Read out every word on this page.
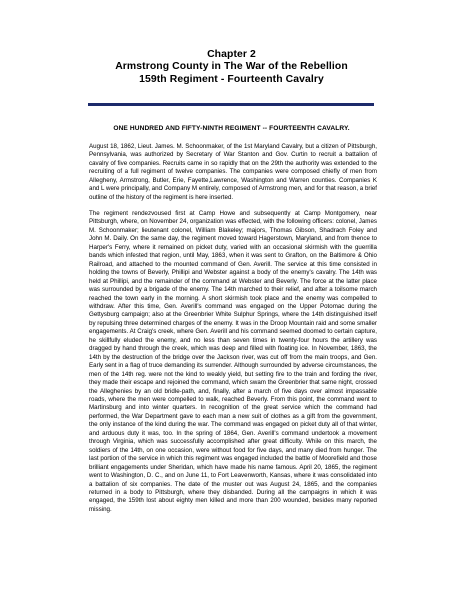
Chapter 2
Armstrong County in The War of the Rebellion
159th Regiment - Fourteenth Cavalry
ONE HUNDRED AND FIFTY-NINTH REGIMENT -- FOURTEENTH CAVALRY.

August 18, 1862, Lieut. James. M. Schoonmaker, of the 1st Maryland Cavalry, but a citizen of Pittsburgh, Pennsylvania, was authorized by Secretary of War Stanton and Gov. Curtin to recruit a battalion of cavalry of five companies. Recruits came in so rapidly that on the 29th the authority was extended to the recruiting of a full regiment of twelve companies. The companies were composed chiefly of men from Allegheny, Armstrong, Butler, Erie, Fayette,Lawrence, Washington and Warren counties. Companies K and L were principally, and Company M entirely, composed of Armstrong men, and for that reason, a brief outline of the history of the regiment is here inserted.

The regiment rendezvoused first at Camp Howe and subsequently at Camp Montgomery, near Pittsburgh, where, on November 24, organization was effected, with the following officers: colonel, James M. Schoonmaker; lieutenant colonel, William Blakeley; majors, Thomas Gibson, Shadrach Foley and John M. Daily. On the same day, the regiment moved toward Hagerstown, Maryland, and from thence to Harper's Ferry, where it remained on picket duty, varied with an occasional skirmish with the guerrilla bands which infested that region, until May, 1863, when it was sent to Grafton, on the Baltimore & Ohio Railroad, and attached to the mounted command of Gen. Averill. The service at this time consisted in holding the towns of Beverly, Phillipi and Webster against a body of the enemy's cavalry. The 14th was held at Phillipi, and the remainder of the command at Webster and Beverly. The force at the latter place was surrounded by a brigade of the enemy. The 14th marched to their relief, and after a toilsome march reached the town early in the morning. A short skirmish took place and the enemy was compelled to withdraw. After this time, Gen. Averill's command was engaged on the Upper Potomac during the Gettysburg campaign; also at the Greenbrier White Sulphur Springs, where the 14th distinguished itself by repulsing three determined charges of the enemy. It was in the Droop Mountain raid and some smaller engagements. At Craig's creek, where Gen. Averill and his command seemed doomed to certain capture, he skillfully eluded the enemy, and no less than seven times in twenty-four hours the artillery was dragged by hand through the creek, which was deep and filled with floating ice. In November, 1863, the 14th by the destruction of the bridge over the Jackson river, was cut off from the main troops, and Gen. Early sent in a flag of truce demanding its surrender. Although surrounded by adverse circumstances, the men of the 14th reg. were not the kind to weakly yield, but setting fire to the train and fording the river, they made their escape and rejoined the command, which swam the Greenbrier that same night, crossed the Alleghenies by an old bridle-path, and, finally, after a march of five days over almost impassable roads, where the men were compelled to walk, reached Beverly. From this point, the command went to Martinsburg and into winter quarters. In recognition of the great service which the command had performed, the War Department gave to each man a new suit of clothes as a gift from the government, the only instance of the kind during the war. The command was engaged on picket duty all of that winter, and arduous duty it was, too. In the spring of 1864, Gen. Averill's command undertook a movement through Virginia, which was successfully accomplished after great difficulty. While on this march, the soldiers of the 14th, on one occasion, were without food for five days, and many died from hunger. The last portion of the service in which this regiment was engaged included the battle of Moorefield and those brilliant engagements under Sheridan, which have made his name famous. April 20, 1865, the regiment went to Washington, D. C., and on June 11, to Fort Leavenworth, Kansas, where it was consolidated into a battalion of six companies. The date of the muster out was August 24, 1865, and the companies returned in a body to Pittsburgh, where they disbanded. During all the campaigns in which it was engaged, the 159th lost about eighty men killed and more than 200 wounded, besides many reported missing.
